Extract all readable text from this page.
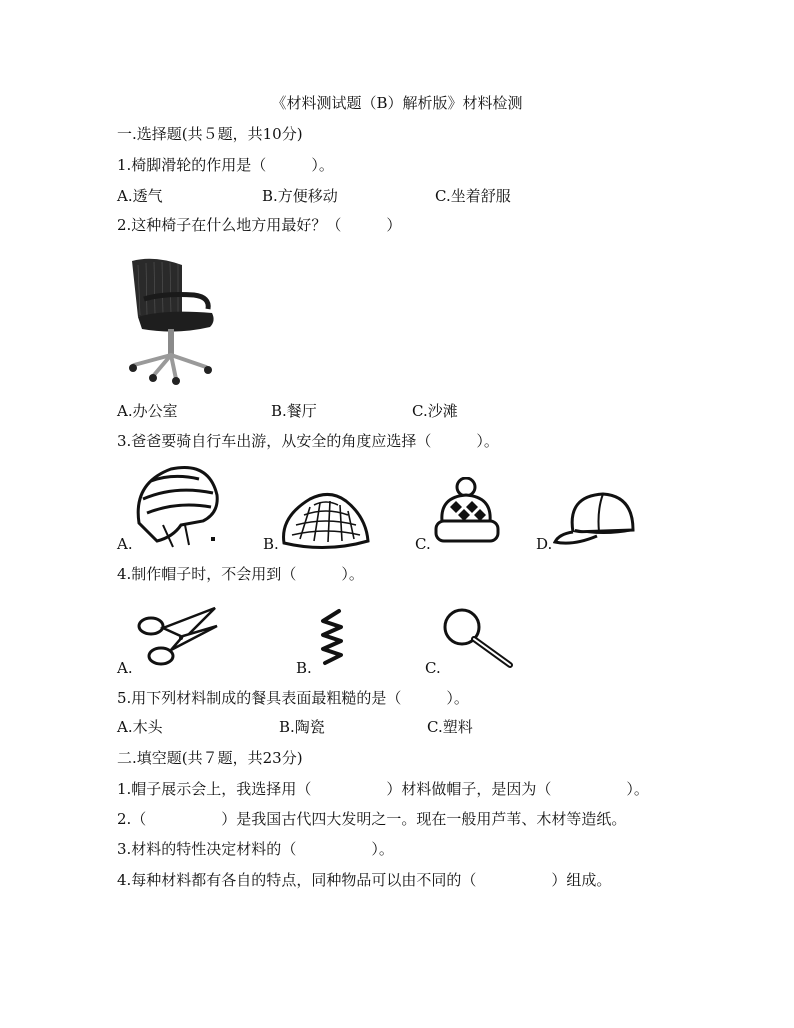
《材料测试题（B）解析版》材料检测
一.选择题(共５题，共10分)
1.椅脚滑轮的作用是（　　　）。
A.透气	B.方便移动	C.坐着舒服
2.这种椅子在什么地方用最好？（　　　）
A.办公室	B.餐厅	C.沙滩
3.爸爸要骑自行车出游，从安全的角度应选择（　　　）。
A.	B.	C.	D.
4.制作帽子时，不会用到（　　　）。
A.	B.	C.
5.用下列材料制成的餐具表面最粗糙的是（　　　）。
A.木头	B.陶瓷	C.塑料
二.填空题(共７题，共23分)
1.帽子展示会上，我选择用（　　　　　）材料做帽子，是因为（　　　　　）。
2.（　　　　　）是我国古代四大发明之一。现在一般用芦苇、木材等造纸。
3.材料的特性决定材料的（　　　　　）。
4.每种材料都有各自的特点，同种物品可以由不同的（　　　　　）组成。
